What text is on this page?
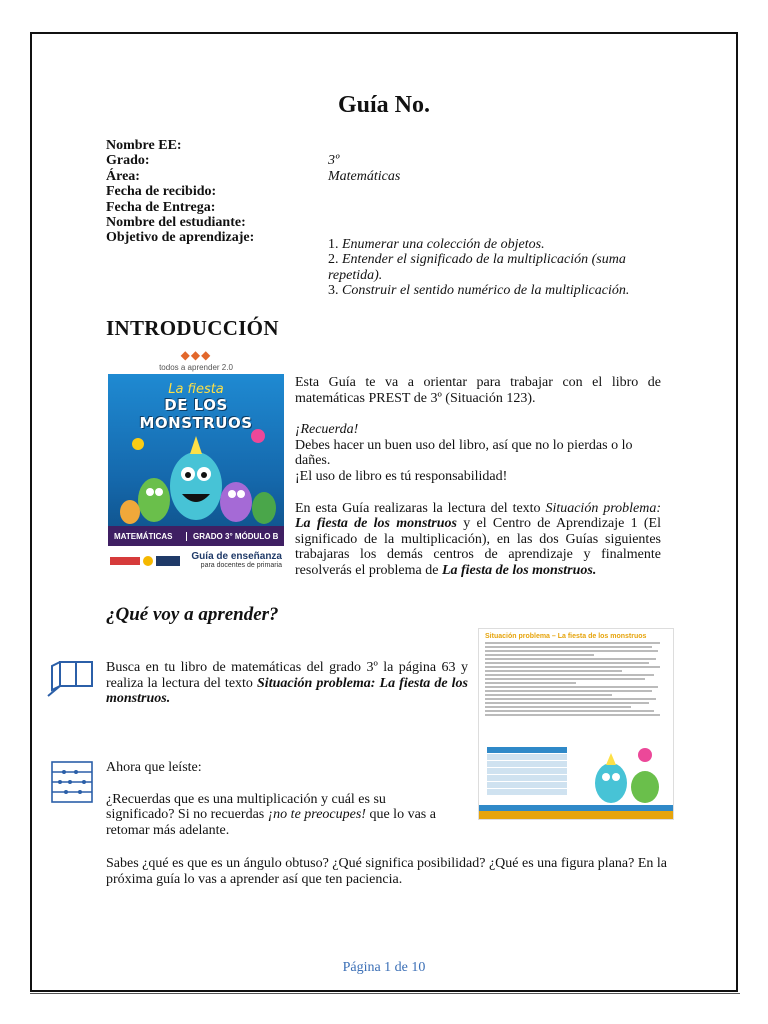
Guía No.
Nombre EE:
Grado:	3º
Área:	Matemáticas
Fecha de recibido:
Fecha de Entrega:
Nombre del estudiante:
Objetivo de aprendizaje:	1. Enumerar una colección de objetos.

2. Entender el significado de la multiplicación (suma repetida).

3. Construir el sentido numérico de la multiplicación.

INTRODUCCIÓN
◆◆◆
todos a aprender 2.0
La fiesta
DE LOS MONSTRUOS
MATEMÁTICAS	GRADO 3° MÓDULO B
Guía de enseñanza
para docentes de primaria

Esta Guía te va a orientar para trabajar con el libro de matemáticas PREST de 3º (Situación 123).

¡Recuerda!
Debes hacer un buen uso del libro, así que no lo pierdas o lo dañes.
¡El uso de libro es tú responsabilidad!

En esta Guía realizaras la lectura del texto Situación problema: La fiesta de los monstruos y el Centro de Aprendizaje 1 (El significado de la multiplicación), en las dos Guías siguientes trabajaras los demás centros de aprendizaje y finalmente resolverás el problema de La fiesta de los monstruos.

¿Qué voy a aprender?
Busca en tu libro de matemáticas del grado 3º la página 63 y realiza la lectura del texto Situación problema: La fiesta de los monstruos.

Ahora que leíste:

¿Recuerdas que es una multiplicación y cuál es su significado? Si no recuerdas ¡no te preocupes! que lo vas a retomar más adelante.

Situación problema – La fiesta de los monstruos
Sabes ¿qué es que es un ángulo obtuso? ¿Qué significa posibilidad? ¿Qué es una figura plana? En la próxima guía lo vas a aprender así que ten paciencia.
Página 1 de 10
